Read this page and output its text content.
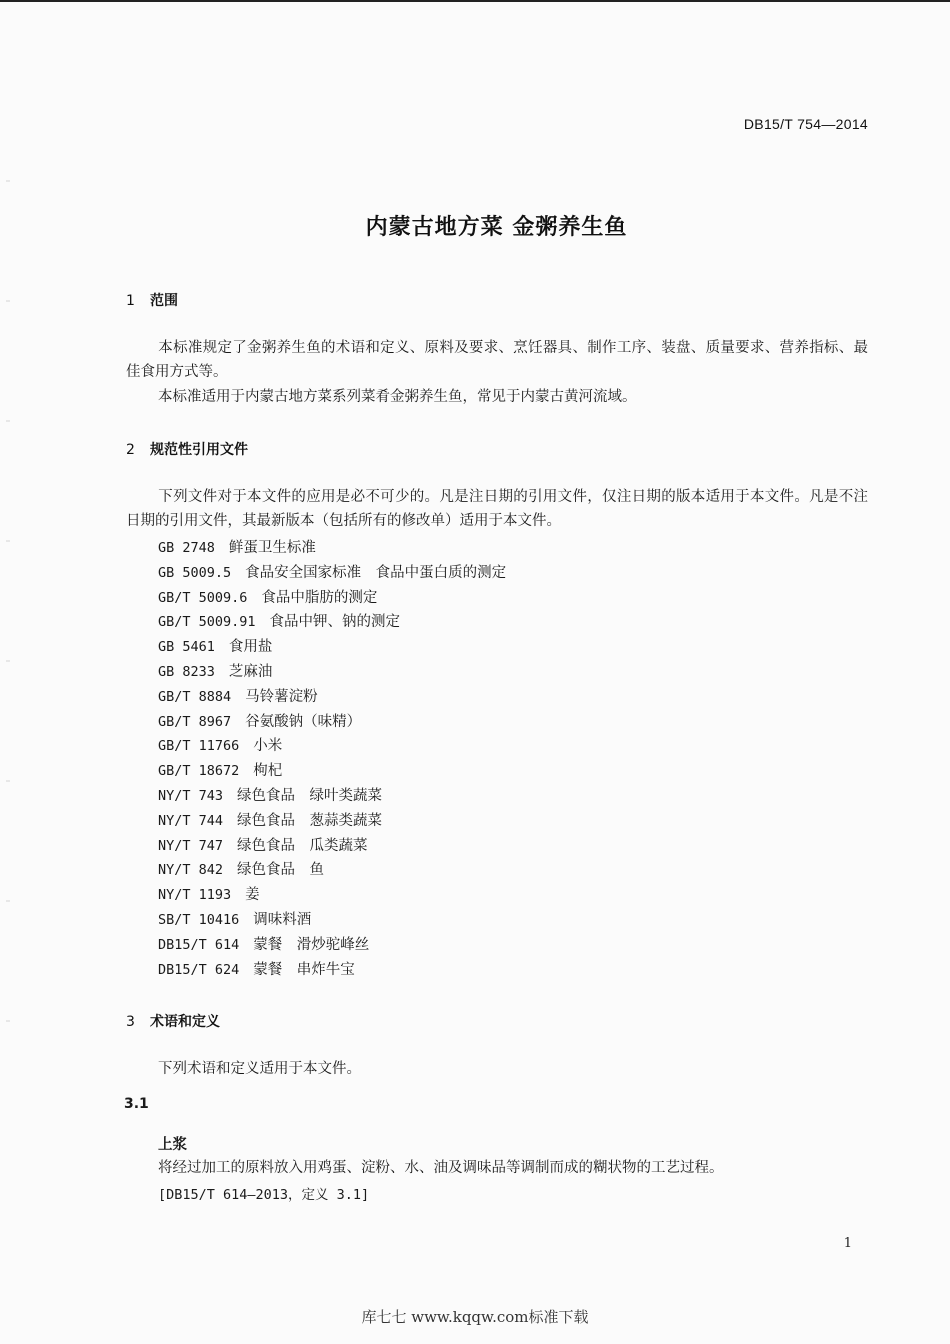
DB15/T 754—2014
内蒙古地方菜 金粥养生鱼
1 范围
本标准规定了金粥养生鱼的术语和定义、原料及要求、烹饪器具、制作工序、装盘、质量要求、营养指标、最佳食用方式等。
本标准适用于内蒙古地方菜系列菜肴金粥养生鱼，常见于内蒙古黄河流域。
2 规范性引用文件
下列文件对于本文件的应用是必不可少的。凡是注日期的引用文件，仅注日期的版本适用于本文件。凡是不注日期的引用文件，其最新版本（包括所有的修改单）适用于本文件。
GB 2748 鲜蛋卫生标准
GB 5009.5 食品安全国家标准　食品中蛋白质的测定
GB/T 5009.6 食品中脂肪的测定
GB/T 5009.91 食品中钾、钠的测定
GB 5461 食用盐
GB 8233 芝麻油
GB/T 8884 马铃薯淀粉
GB/T 8967 谷氨酸钠（味精）
GB/T 11766 小米
GB/T 18672 枸杞
NY/T 743 绿色食品　绿叶类蔬菜
NY/T 744 绿色食品　葱蒜类蔬菜
NY/T 747 绿色食品　瓜类蔬菜
NY/T 842 绿色食品　鱼
NY/T 1193 姜
SB/T 10416 调味料酒
DB15/T 614 蒙餐　滑炒驼峰丝
DB15/T 624 蒙餐　串炸牛宝
3 术语和定义
下列术语和定义适用于本文件。
3.1
上浆
将经过加工的原料放入用鸡蛋、淀粉、水、油及调味品等调制而成的糊状物的工艺过程。
[DB15/T 614—2013，定义 3.1]
1
库七七 www.kqqw.com标准下载
